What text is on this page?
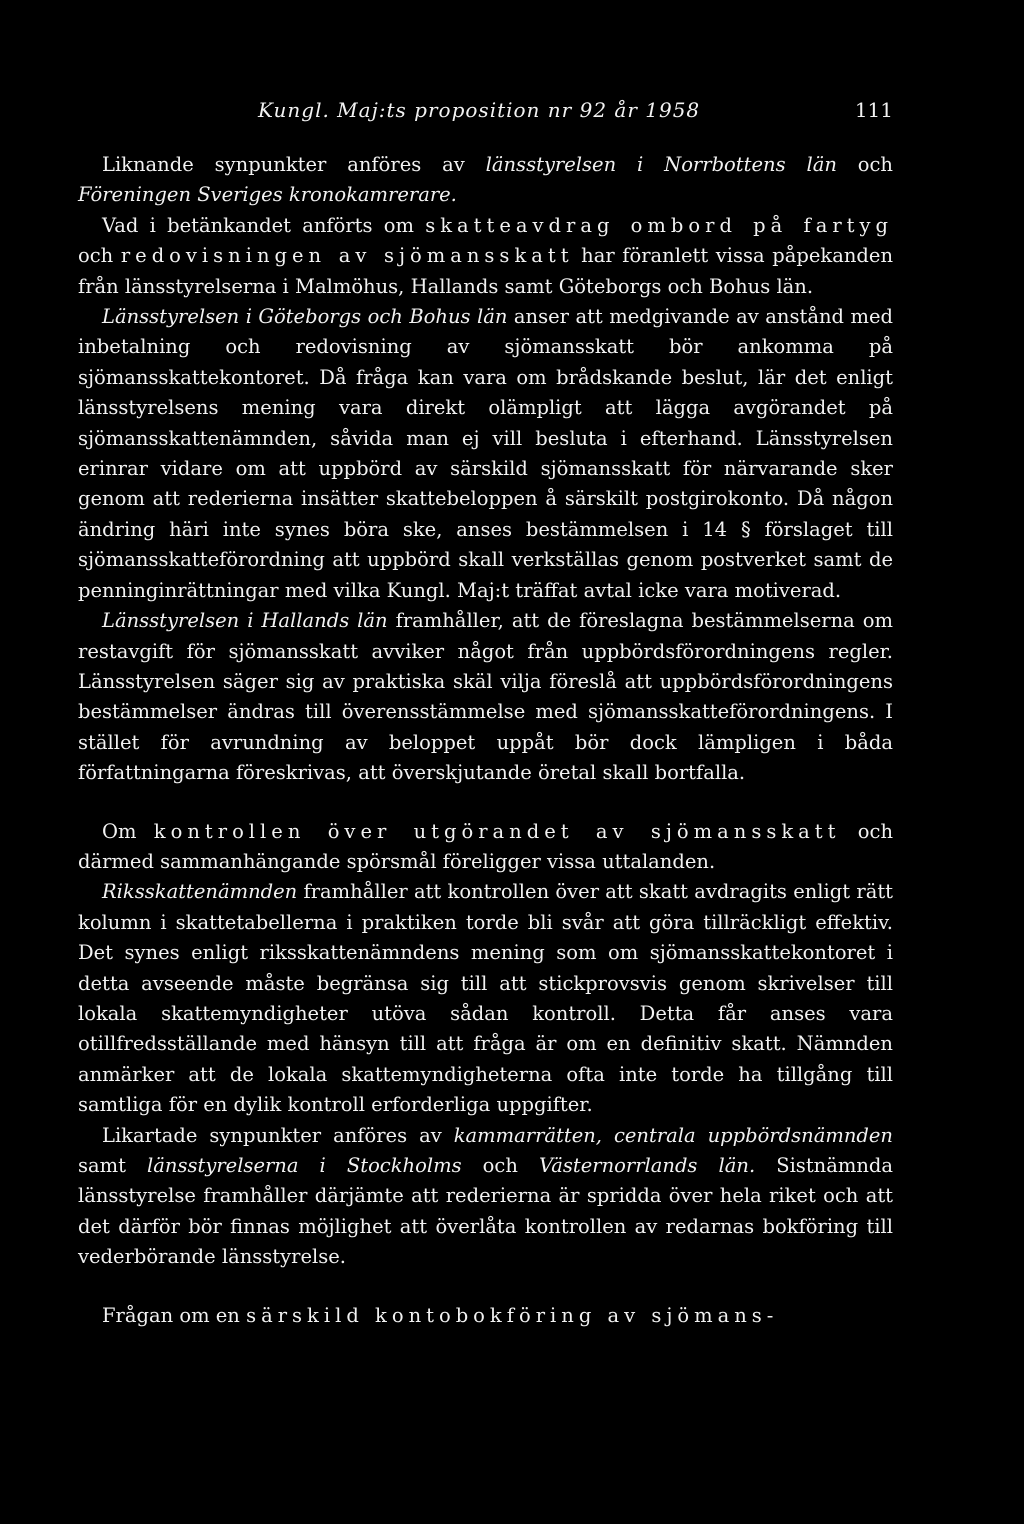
Kungl. Maj:ts proposition nr 92 år 1958	111

Liknande synpunkter anföres av länsstyrelsen i Norrbottens län och Föreningen Sveriges kronokamrerare.

Vad i betänkandet anförts om skatteavdrag ombord på fartyg och redovisningen av sjömansskatt har föranlett vissa påpekanden från länsstyrelserna i Malmöhus, Hallands samt Göteborgs och Bohus län.

Länsstyrelsen i Göteborgs och Bohus län anser att medgivande av anstånd med inbetalning och redovisning av sjömansskatt bör ankomma på sjömansskattekontoret. Då fråga kan vara om brådskande beslut, lär det enligt länsstyrelsens mening vara direkt olämpligt att lägga avgörandet på sjömansskattenämnden, såvida man ej vill besluta i efterhand. Länsstyrelsen erinrar vidare om att uppbörd av särskild sjömansskatt för närvarande sker genom att rederierna insätter skattebeloppen å särskilt postgirokonto. Då någon ändring häri inte synes böra ske, anses bestämmelsen i 14 § förslaget till sjömansskatteförordning att uppbörd skall verkställas genom postverket samt de penninginrättningar med vilka Kungl. Maj:t träffat avtal icke vara motiverad.

Länsstyrelsen i Hallands län framhåller, att de föreslagna bestämmelserna om restavgift för sjömansskatt avviker något från uppbördsförordningens regler. Länsstyrelsen säger sig av praktiska skäl vilja föreslå att uppbördsförordningens bestämmelser ändras till överensstämmelse med sjömansskatteförordningens. I stället för avrundning av beloppet uppåt bör dock lämpligen i båda författningarna föreskrivas, att överskjutande öretal skall bortfalla.

Om kontrollen över utgörandet av sjömansskatt och därmed sammanhängande spörsmål föreligger vissa uttalanden.

Riksskattenämnden framhåller att kontrollen över att skatt avdragits enligt rätt kolumn i skattetabellerna i praktiken torde bli svår att göra tillräckligt effektiv. Det synes enligt riksskattenämndens mening som om sjömansskattekontoret i detta avseende måste begränsa sig till att stickprovsvis genom skrivelser till lokala skattemyndigheter utöva sådan kontroll. Detta får anses vara otillfredsställande med hänsyn till att fråga är om en definitiv skatt. Nämnden anmärker att de lokala skattemyndigheterna ofta inte torde ha tillgång till samtliga för en dylik kontroll erforderliga uppgifter.

Likartade synpunkter anföres av kammarrätten, centrala uppbördsnämnden samt länsstyrelserna i Stockholms och Västernorrlands län. Sistnämnda länsstyrelse framhåller därjämte att rederierna är spridda över hela riket och att det därför bör finnas möjlighet att överlåta kontrollen av redarnas bokföring till vederbörande länsstyrelse.

Frågan om en särskild kontobokföring av sjömans-
